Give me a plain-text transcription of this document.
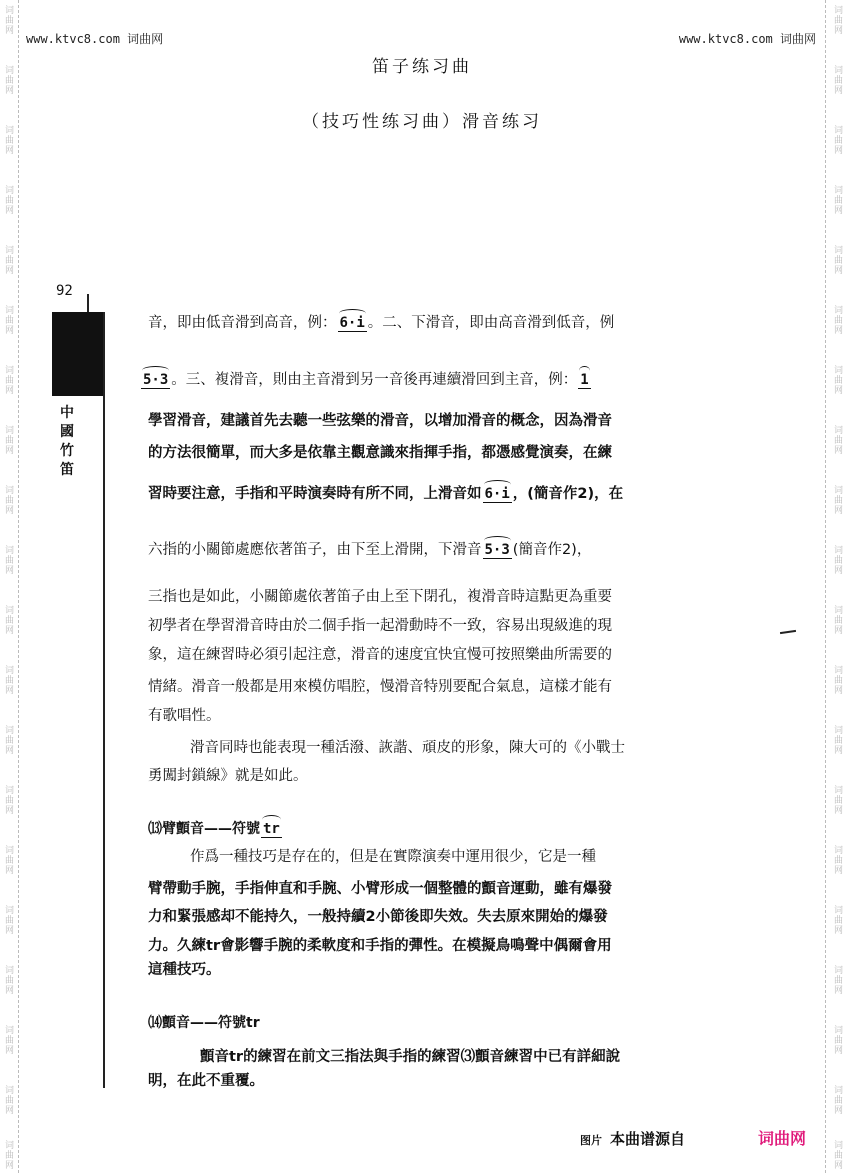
词曲网
词曲网
词曲网
词曲网
词曲网
词曲网
词曲网
词曲网
词曲网
词曲网
词曲网
词曲网
词曲网
词曲网
词曲网
词曲网
词曲网
词曲网
词曲网
词曲网
词曲网
词曲网
词曲网
词曲网
词曲网
词曲网
词曲网
词曲网
词曲网
词曲网
词曲网
词曲网
词曲网
词曲网
词曲网
词曲网
词曲网
词曲网
词曲网
词曲网
www.ktvc8.com 词曲网	www.ktvc8.com 词曲网
笛子练习曲
（技巧性练习曲）滑音练习
92
中國竹笛
音，即由低音滑到高音，例： 6·i 。二、下滑音，即由高音滑到低音，例
5·3 。三、複滑音，則由主音滑到另一音後再連續滑回到主音，例： 1
學習滑音，建議首先去聽一些弦樂的滑音，以增加滑音的概念，因為滑音
的方法很簡單，而大多是依靠主觀意識來指揮手指，都憑感覺演奏，在練
習時要注意，手指和平時演奏時有所不同，上滑音如 6·i ，(簡音作2)，在
六指的小關節處應依著笛子，由下至上滑開，下滑音 5·3 (簡音作2)，
三指也是如此，小關節處依著笛子由上至下閉孔，複滑音時這點更為重要
初學者在學習滑音時由於二個手指一起滑動時不一致，容易出現級進的現
象，這在練習時必須引起注意，滑音的速度宜快宜慢可按照樂曲所需要的
情緒。滑音一般都是用來模仿唱腔，慢滑音特別要配合氣息，這樣才能有
有歌唱性。
滑音同時也能表現一種活潑、詼諧、頑皮的形象，陳大可的《小戰士
勇闖封鎖線》就是如此。
⒀臂顫音——符號 tr
作爲一種技巧是存在的，但是在實際演奏中運用很少，它是一種
臂帶動手腕，手指伸直和手腕、小臂形成一個整體的顫音運動，雖有爆發
力和緊張感却不能持久，一般持續2小節後即失效。失去原來開始的爆發
力。久練tr會影響手腕的柔軟度和手指的彈性。在模擬鳥鳴聲中偶爾會用
這種技巧。
⒁顫音——符號tr
顫音tr的練習在前文三指法與手指的練習⑶顫音練習中已有詳細說
明，在此不重覆。
图片 本曲谱源自	词曲网
